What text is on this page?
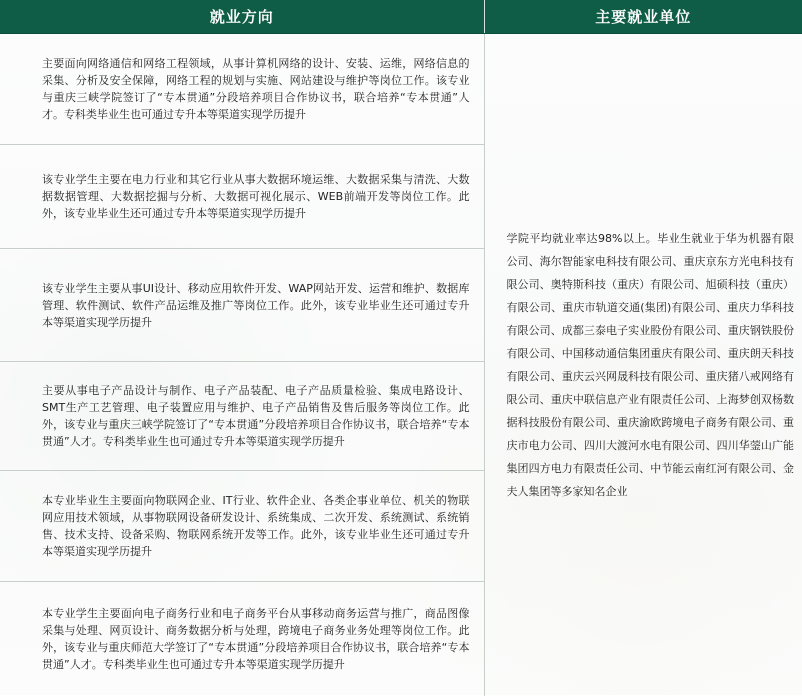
就业方向	主要就业单位

主要面向网络通信和网络工程领域，从事计算机网络的设计、安装、运维，网络信息的采集、分析及安全保障，网络工程的规划与实施、网站建设与维护等岗位工作。该专业与重庆三峡学院签订了“专本贯通”分段培养项目合作协议书，联合培养“专本贯通”人才。专科类毕业生也可通过专升本等渠道实现学历提升	学院平均就业率达98%以上。毕业生就业于华为机器有限公司、海尔智能家电科技有限公司、重庆京东方光电科技有限公司、奥特斯科技（重庆）有限公司、旭硕科技（重庆）有限公司、重庆市轨道交通(集团)有限公司、重庆力华科技有限公司、成都三泰电子实业股份有限公司、重庆钢铁股份有限公司、中国移动通信集团重庆有限公司、重庆朗天科技有限公司、重庆云兴网晟科技有限公司、重庆猪八戒网络有限公司、重庆中联信息产业有限责任公司、上海梦创双杨数据科技股份有限公司、重庆渝欧跨境电子商务有限公司、重庆市电力公司、四川大渡河水电有限公司、四川华蓥山广能集团四方电力有限责任公司、中节能云南红河有限公司、金夫人集团等多家知名企业

该专业学生主要在电力行业和其它行业从事大数据环境运维、大数据采集与清洗、大数据数据管理、大数据挖掘与分析、大数据可视化展示、WEB前端开发等岗位工作。此外，该专业毕业生还可通过专升本等渠道实现学历提升	

该专业学生主要从事UI设计、移动应用软件开发、WAP网站开发、运营和维护、数据库管理、软件测试、软件产品运维及推广等岗位工作。此外，该专业毕业生还可通过专升本等渠道实现学历提升	

主要从事电子产品设计与制作、电子产品装配、电子产品质量检验、集成电路设计、SMT生产工艺管理、电子装置应用与维护、电子产品销售及售后服务等岗位工作。此外，该专业与重庆三峡学院签订了“专本贯通”分段培养项目合作协议书，联合培养“专本贯通”人才。专科类毕业生也可通过专升本等渠道实现学历提升	

本专业毕业生主要面向物联网企业、IT行业、软件企业、各类企事业单位、机关的物联网应用技术领域，从事物联网设备研发设计、系统集成、二次开发、系统测试、系统销售、技术支持、设备采购、物联网系统开发等工作。此外，该专业毕业生还可通过专升本等渠道实现学历提升	

本专业学生主要面向电子商务行业和电子商务平台从事移动商务运营与推广，商品图像采集与处理、网页设计、商务数据分析与处理，跨境电子商务业务处理等岗位工作。此外，该专业与重庆师范大学签订了“专本贯通”分段培养项目合作协议书，联合培养“专本贯通”人才。专科类毕业生也可通过专升本等渠道实现学历提升	
